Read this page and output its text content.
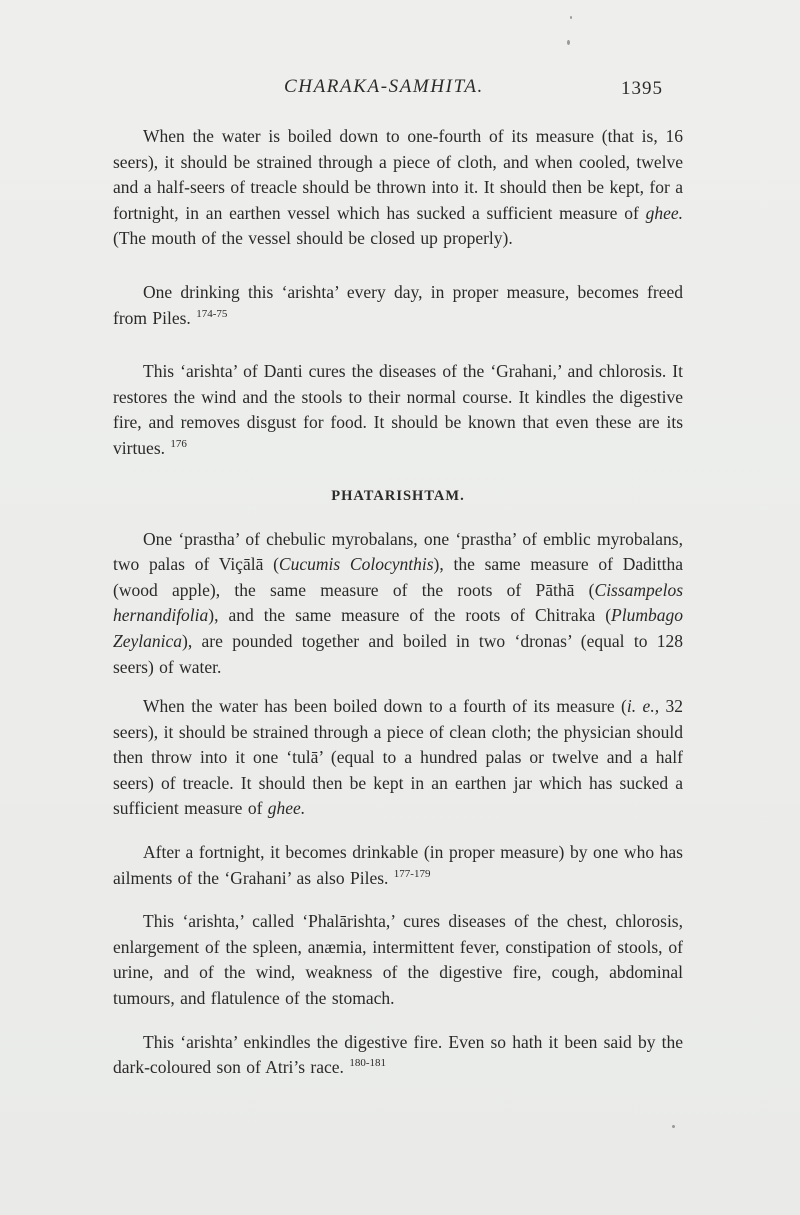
CHARAKA-SAMHITA.	1395

When the water is boiled down to one-fourth of its measure (that is, 16 seers), it should be strained through a piece of cloth, and when cooled, twelve and a half-seers of treacle should be thrown into it. It should then be kept, for a fortnight, in an earthen vessel which has sucked a sufficient measure of ghee. (The mouth of the vessel should be closed up properly).

One drinking this ‘arishta’ every day, in proper measure, becomes freed from Piles. $^{174-75}$

This ‘arishta’ of Danti cures the diseases of the ‘Grahani,’ and chlorosis. It restores the wind and the stools to their normal course. It kindles the digestive fire, and removes disgust for food. It should be known that even these are its virtues. $^{176}$

PHATARISHTAM.

One ‘prastha’ of chebulic myrobalans, one ‘prastha’ of emblic myrobalans, two palas of Viçālā (Cucumis Colocynthis), the same measure of Dadittha (wood apple), the same measure of the roots of Pāthā (Cissampelos hernandifolia), and the same measure of the roots of Chitraka (Plumbago Zeylanica), are pounded together and boiled in two ‘dronas’ (equal to 128 seers) of water.

When the water has been boiled down to a fourth of its measure (i. e., 32 seers), it should be strained through a piece of clean cloth; the physician should then throw into it one ‘tulā’ (equal to a hundred palas or twelve and a half seers) of treacle. It should then be kept in an earthen jar which has sucked a sufficient measure of ghee.

After a fortnight, it becomes drinkable (in proper measure) by one who has ailments of the ‘Grahani’ as also Piles. $^{177-179}$

This ‘arishta,’ called ‘Phalārishta,’ cures diseases of the chest, chlorosis, enlargement of the spleen, anæmia, intermittent fever, constipation of stools, of urine, and of the wind, weakness of the digestive fire, cough, abdominal tumours, and flatulence of the stomach.

This ‘arishta’ enkindles the digestive fire. Even so hath it been said by the dark-coloured son of Atri’s race. $^{180-181}$
